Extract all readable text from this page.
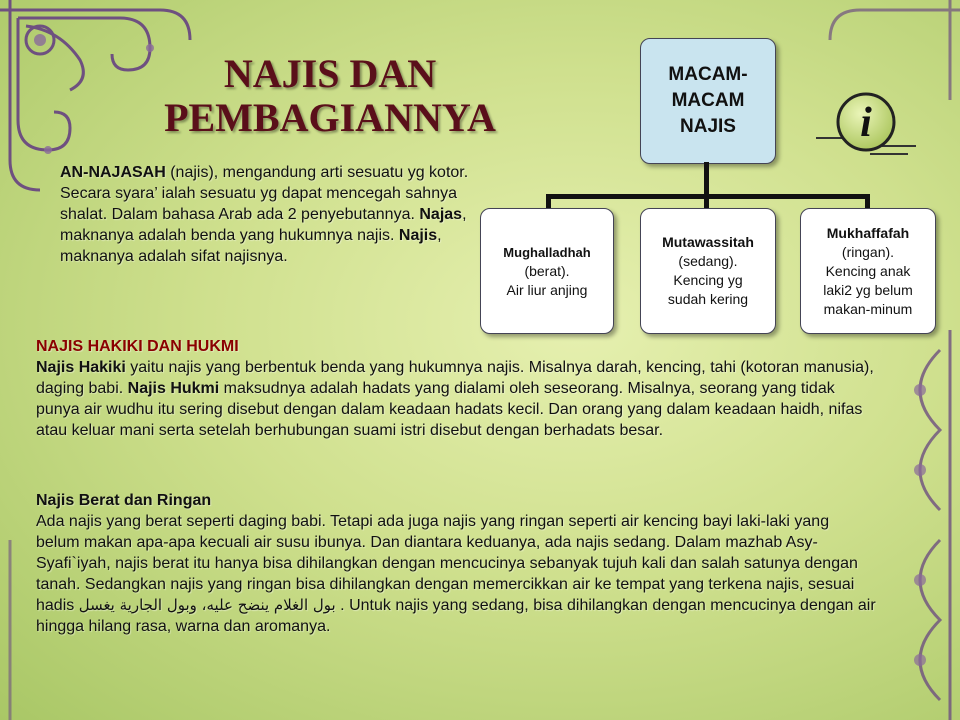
NAJIS DAN
PEMBAGIANNYA
AN-NAJASAH (najis), mengandung arti sesuatu yg kotor. Secara syara’ ialah sesuatu yg dapat mencegah sahnya shalat. Dalam bahasa Arab ada 2 penyebutannya. Najas, maknanya adalah benda yang hukumnya najis. Najis, maknanya adalah sifat najisnya.
MACAM-
MACAM
NAJIS
Mughalladhah
(berat).
Air liur anjing
Mutawassitah
(sedang).
Kencing yg
sudah kering
Mukhaffafah
(ringan).
Kencing anak
laki2 yg belum
makan-minum
i
NAJIS HAKIKI DAN HUKMI
Najis Hakiki yaitu najis yang berbentuk benda yang hukumnya najis. Misalnya darah, kencing, tahi (kotoran manusia), daging babi. Najis Hukmi maksudnya adalah hadats yang dialami oleh seseorang. Misalnya, seorang yang tidak punya air wudhu itu sering disebut dengan dalam keadaan hadats kecil. Dan orang yang dalam keadaan haidh, nifas atau keluar mani serta setelah berhubungan suami istri disebut dengan berhadats besar.
Najis Berat dan Ringan
Ada najis yang berat seperti daging babi. Tetapi ada juga najis yang ringan seperti air kencing bayi laki-laki yang belum makan apa-apa kecuali air susu ibunya. Dan diantara keduanya, ada najis sedang. Dalam mazhab Asy-Syafi`iyah, najis berat itu hanya bisa dihilangkan dengan mencucinya sebanyak tujuh kali dan salah satunya dengan tanah. Sedangkan najis yang ringan bisa dihilangkan dengan memercikkan air ke tempat yang terkena najis, sesuai hadis بول الغلام ينضح عليه، وبول الجارية يغسل . Untuk najis yang sedang, bisa dihilangkan dengan mencucinya dengan air hingga hilang rasa, warna dan aromanya.
